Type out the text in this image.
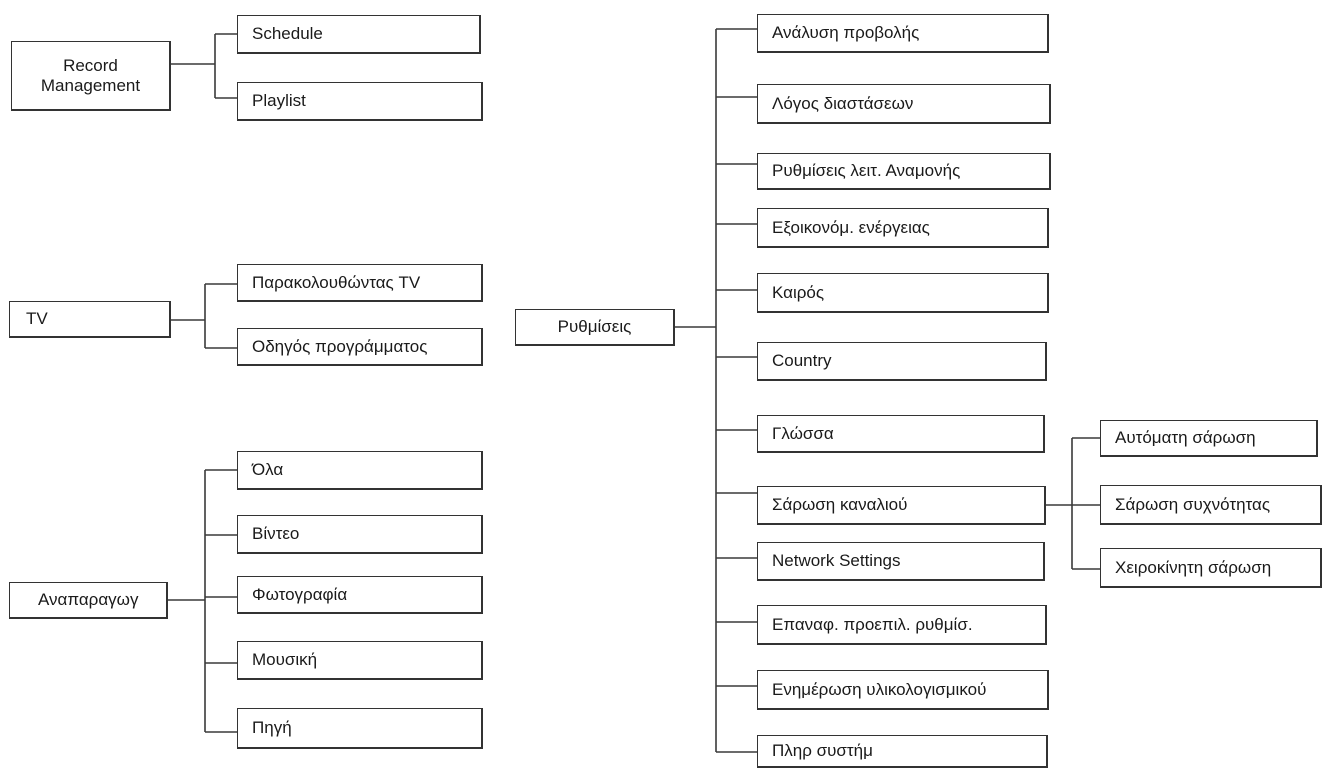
Record
Management
Schedule
Playlist
TV
Παρακολουθώντας TV
Οδηγός προγράμματος
Αναπαραγωγ
Όλα
Βίντεο
Φωτογραφία
Μουσική
Πηγή
Ρυθμίσεις
Ανάλυση προβολής
Λόγος διαστάσεων
Ρυθμίσεις λειτ. Αναμονής
Εξοικονόμ. ενέργειας
Καιρός
Country
Γλώσσα
Σάρωση καναλιού
Network Settings
Επαναφ. προεπιλ. ρυθμίσ.
Ενημέρωση υλικολογισμικού
Πληρ συστήμ
Αυτόματη σάρωση
Σάρωση συχνότητας
Χειροκίνητη σάρωση
